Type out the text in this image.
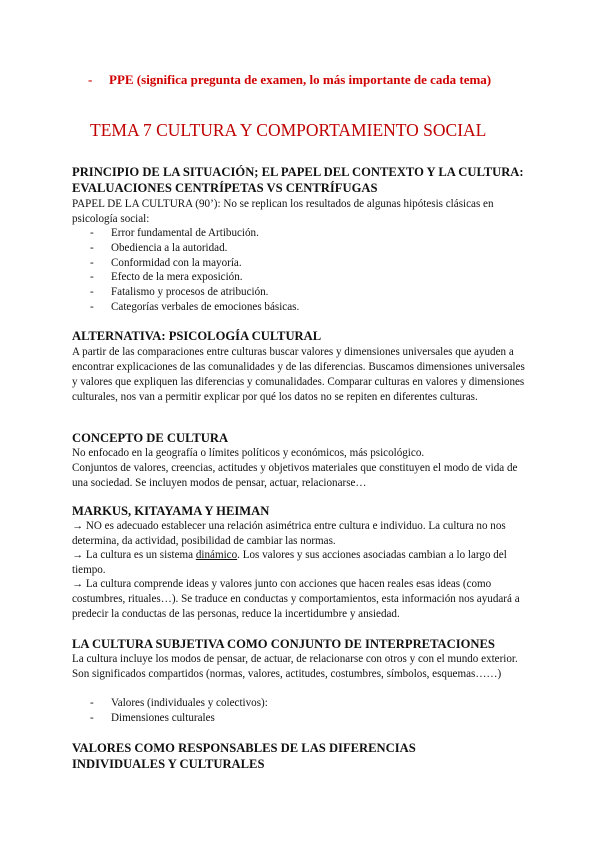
-	PPE (significa pregunta de examen, lo más importante de cada tema)
TEMA 7 CULTURA Y COMPORTAMIENTO SOCIAL
PRINCIPIO DE LA SITUACIÓN; EL PAPEL DEL CONTEXTO Y LA CULTURA: EVALUACIONES CENTRÍPETAS VS CENTRÍFUGAS
PAPEL DE LA CULTURA (90’): No se replican los resultados de algunas hipótesis clásicas en psicología social:
- Error fundamental de Artibución.
- Obediencia a la autoridad.
- Conformidad con la mayoría.
- Efecto de la mera exposición.
- Fatalismo y procesos de atribución.
- Categorías verbales de emociones básicas.
ALTERNATIVA: PSICOLOGÍA CULTURAL
A partir de las comparaciones entre culturas buscar valores y dimensiones universales que ayuden a encontrar explicaciones de las comunalidades y de las diferencias. Buscamos dimensiones universales y valores que expliquen las diferencias y comunalidades. Comparar culturas en valores y dimensiones culturales, nos van a permitir explicar por qué los datos no se repiten en diferentes culturas.
CONCEPTO DE CULTURA
No enfocado en la geografía o límites políticos y económicos, más psicológico.
Conjuntos de valores, creencias, actitudes y objetivos materiales que constituyen el modo de vida de una sociedad. Se incluyen modos de pensar, actuar, relacionarse…
MARKUS, KITAYAMA Y HEIMAN
→ NO es adecuado establecer una relación asimétrica entre cultura e individuo. La cultura no nos determina, da actividad, posibilidad de cambiar las normas.
→ La cultura es un sistema dinámico. Los valores y sus acciones asociadas cambian a lo largo del tiempo.
→ La cultura comprende ideas y valores junto con acciones que hacen reales esas ideas (como costumbres, rituales…). Se traduce en conductas y comportamientos, esta información nos ayudará a predecir la conductas de las personas, reduce la incertidumbre y ansiedad.
LA CULTURA SUBJETIVA COMO CONJUNTO DE INTERPRETACIONES
La cultura incluye los modos de pensar, de actuar, de relacionarse con otros y con el mundo exterior. Son significados compartidos (normas, valores, actitudes, costumbres, símbolos, esquemas……)
- Valores (individuales y colectivos):
- Dimensiones culturales
VALORES COMO RESPONSABLES DE LAS DIFERENCIAS INDIVIDUALES Y CULTURALES
